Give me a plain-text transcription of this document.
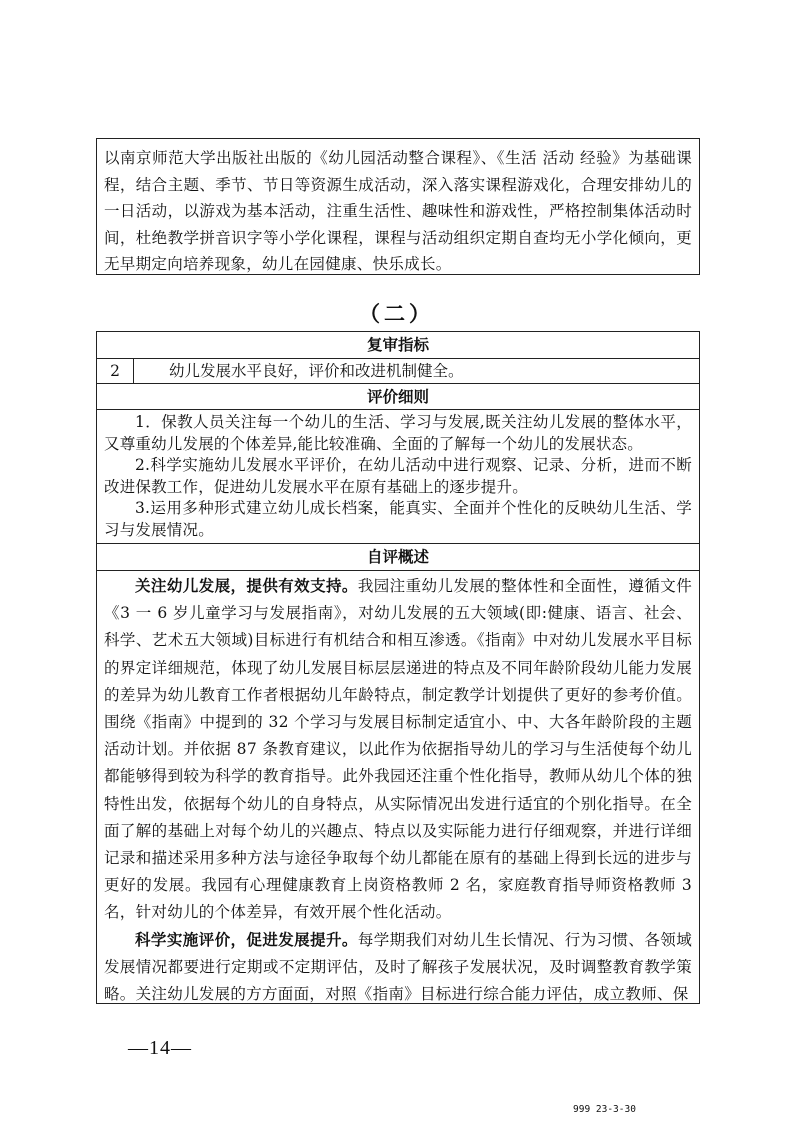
以南京师范大学出版社出版的《幼儿园活动整合课程》、《生活 活动 经验》为基础课程，结合主题、季节、节日等资源生成活动，深入落实课程游戏化，合理安排幼儿的一日活动，以游戏为基本活动，注重生活性、趣味性和游戏性，严格控制集体活动时间，杜绝教学拼音识字等小学化课程，课程与活动组织定期自查均无小学化倾向，更无早期定向培养现象，幼儿在园健康、快乐成长。

（二）
复审指标
2	幼儿发展水平良好，评价和改进机制健全。
评价细则

1．保教人员关注每一个幼儿的生活、学习与发展,既关注幼儿发展的整体水平，又尊重幼儿发展的个体差异,能比较准确、全面的了解每一个幼儿的发展状态。

2.科学实施幼儿发展水平评价，在幼儿活动中进行观察、记录、分析，进而不断改进保教工作，促进幼儿发展水平在原有基础上的逐步提升。

3.运用多种形式建立幼儿成长档案，能真实、全面并个性化的反映幼儿生活、学习与发展情况。

自评概述

关注幼儿发展，提供有效支持。我园注重幼儿发展的整体性和全面性，遵循文件《3 一 6 岁儿童学习与发展指南》，对幼儿发展的五大领域(即:健康、语言、社会、科学、艺术五大领域)目标进行有机结合和相互渗透。《指南》中对幼儿发展水平目标的界定详细规范，体现了幼儿发展目标层层递进的特点及不同年龄阶段幼儿能力发展的差异为幼儿教育工作者根据幼儿年龄特点，制定教学计划提供了更好的参考价值。围绕《指南》中提到的 32 个学习与发展目标制定适宜小、中、大各年龄阶段的主题活动计划。并依据 87 条教育建议，以此作为依据指导幼儿的学习与生活使每个幼儿都能够得到较为科学的教育指导。此外我园还注重个性化指导，教师从幼儿个体的独特性出发，依据每个幼儿的自身特点，从实际情况出发进行适宜的个别化指导。在全面了解的基础上对每个幼儿的兴趣点、特点以及实际能力进行仔细观察，并进行详细记录和描述采用多种方法与途径争取每个幼儿都能在原有的基础上得到长远的进步与更好的发展。我园有心理健康教育上岗资格教师 2 名，家庭教育指导师资格教师 3 名，针对幼儿的个体差异，有效开展个性化活动。

科学实施评价，促进发展提升。每学期我们对幼儿生长情况、行为习惯、各领域发展情况都要进行定期或不定期评估，及时了解孩子发展状况，及时调整教育教学策略。关注幼儿发展的方方面面，对照《指南》目标进行综合能力评估，成立教师、保

—14—
999 23-3-30
